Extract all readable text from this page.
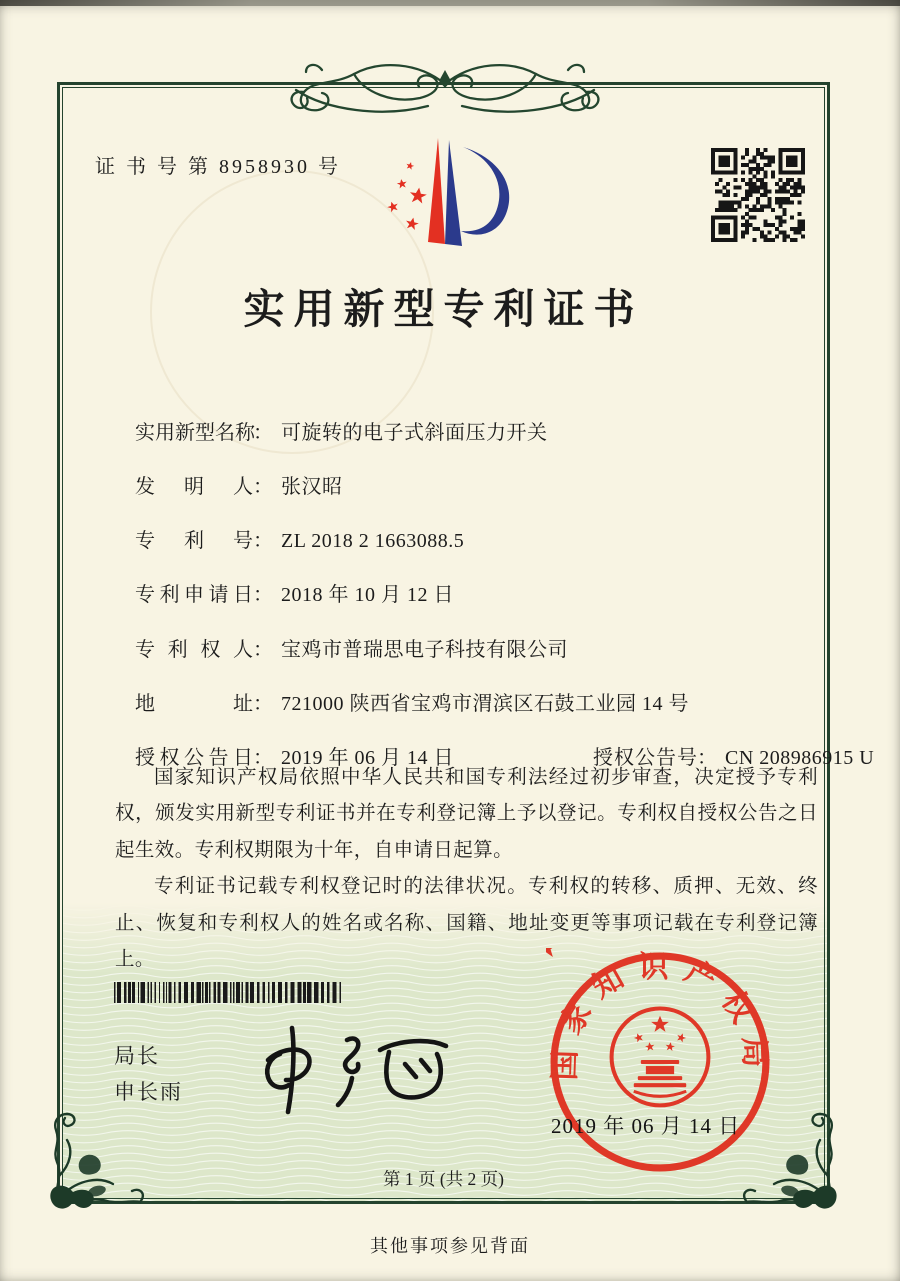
证 书 号 第 8958930 号
实用新型专利证书

实用新型名称： 可旋转的电子式斜面压力开关

发明人： 张汉昭

专利号： ZL 2018 2 1663088.5

专利申请日： 2018 年 10 月 12 日

专利权人： 宝鸡市普瑞思电子科技有限公司

地址： 721000 陕西省宝鸡市渭滨区石鼓工业园 14 号

授权公告日： 2019 年 06 月 14 日
	授权公告号： CN 208986915 U

国家知识产权局依照中华人民共和国专利法经过初步审查，决定授予专利权，颁发实用新型专利证书并在专利登记簿上予以登记。专利权自授权公告之日起生效。专利权期限为十年，自申请日起算。

专利证书记载专利权登记时的法律状况。专利权的转移、质押、无效、终止、恢复和专利权人的姓名或名称、国籍、地址变更等事项记载在专利登记簿上。

局长
申长雨
国家知识产权局
2019 年 06 月 14 日
第 1 页 (共 2 页)
其他事项参见背面
